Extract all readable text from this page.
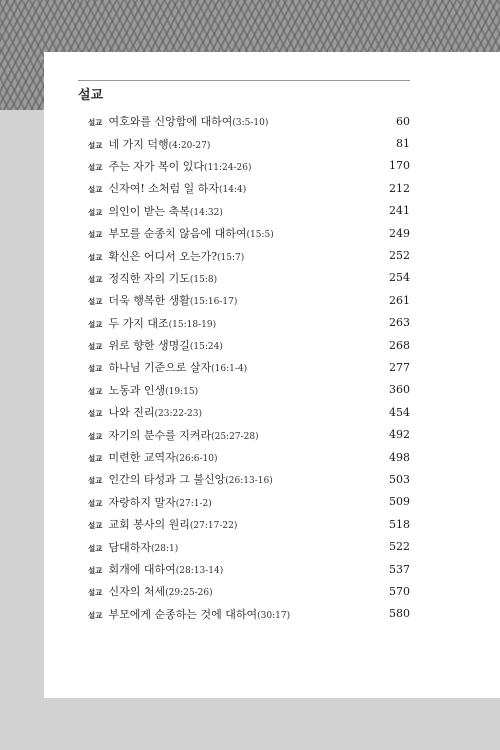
설교
설교 여호와를 신앙함에 대하여 (3:5-10)	60
설교 네 가지 덕행 (4:20-27)	81
설교 주는 자가 복이 있다 (11:24-26)	170
설교 신자여! 소처럼 일 하자 (14:4)	212
설교 의인이 받는 축복 (14:32)	241
설교 부모를 순종치 않음에 대하여 (15:5)	249
설교 확신은 어디서 오는가? (15:7)	252
설교 정직한 자의 기도 (15:8)	254
설교 더욱 행복한 생활 (15:16-17)	261
설교 두 가지 대조 (15:18-19)	263
설교 위로 향한 생명길 (15:24)	268
설교 하나님 기준으로 살자 (16:1-4)	277
설교 노동과 인생 (19:15)	360
설교 나와 진리 (23:22-23)	454
설교 자기의 분수를 지켜라 (25:27-28)	492
설교 미련한 교역자 (26:6-10)	498
설교 인간의 타성과 그 불신앙 (26:13-16)	503
설교 자랑하지 말자 (27:1-2)	509
설교 교회 봉사의 원리 (27:17-22)	518
설교 담대하자 (28:1)	522
설교 회개에 대하여 (28:13-14)	537
설교 신자의 처세 (29:25-26)	570
설교 부모에게 순종하는 것에 대하여 (30:17)	580
